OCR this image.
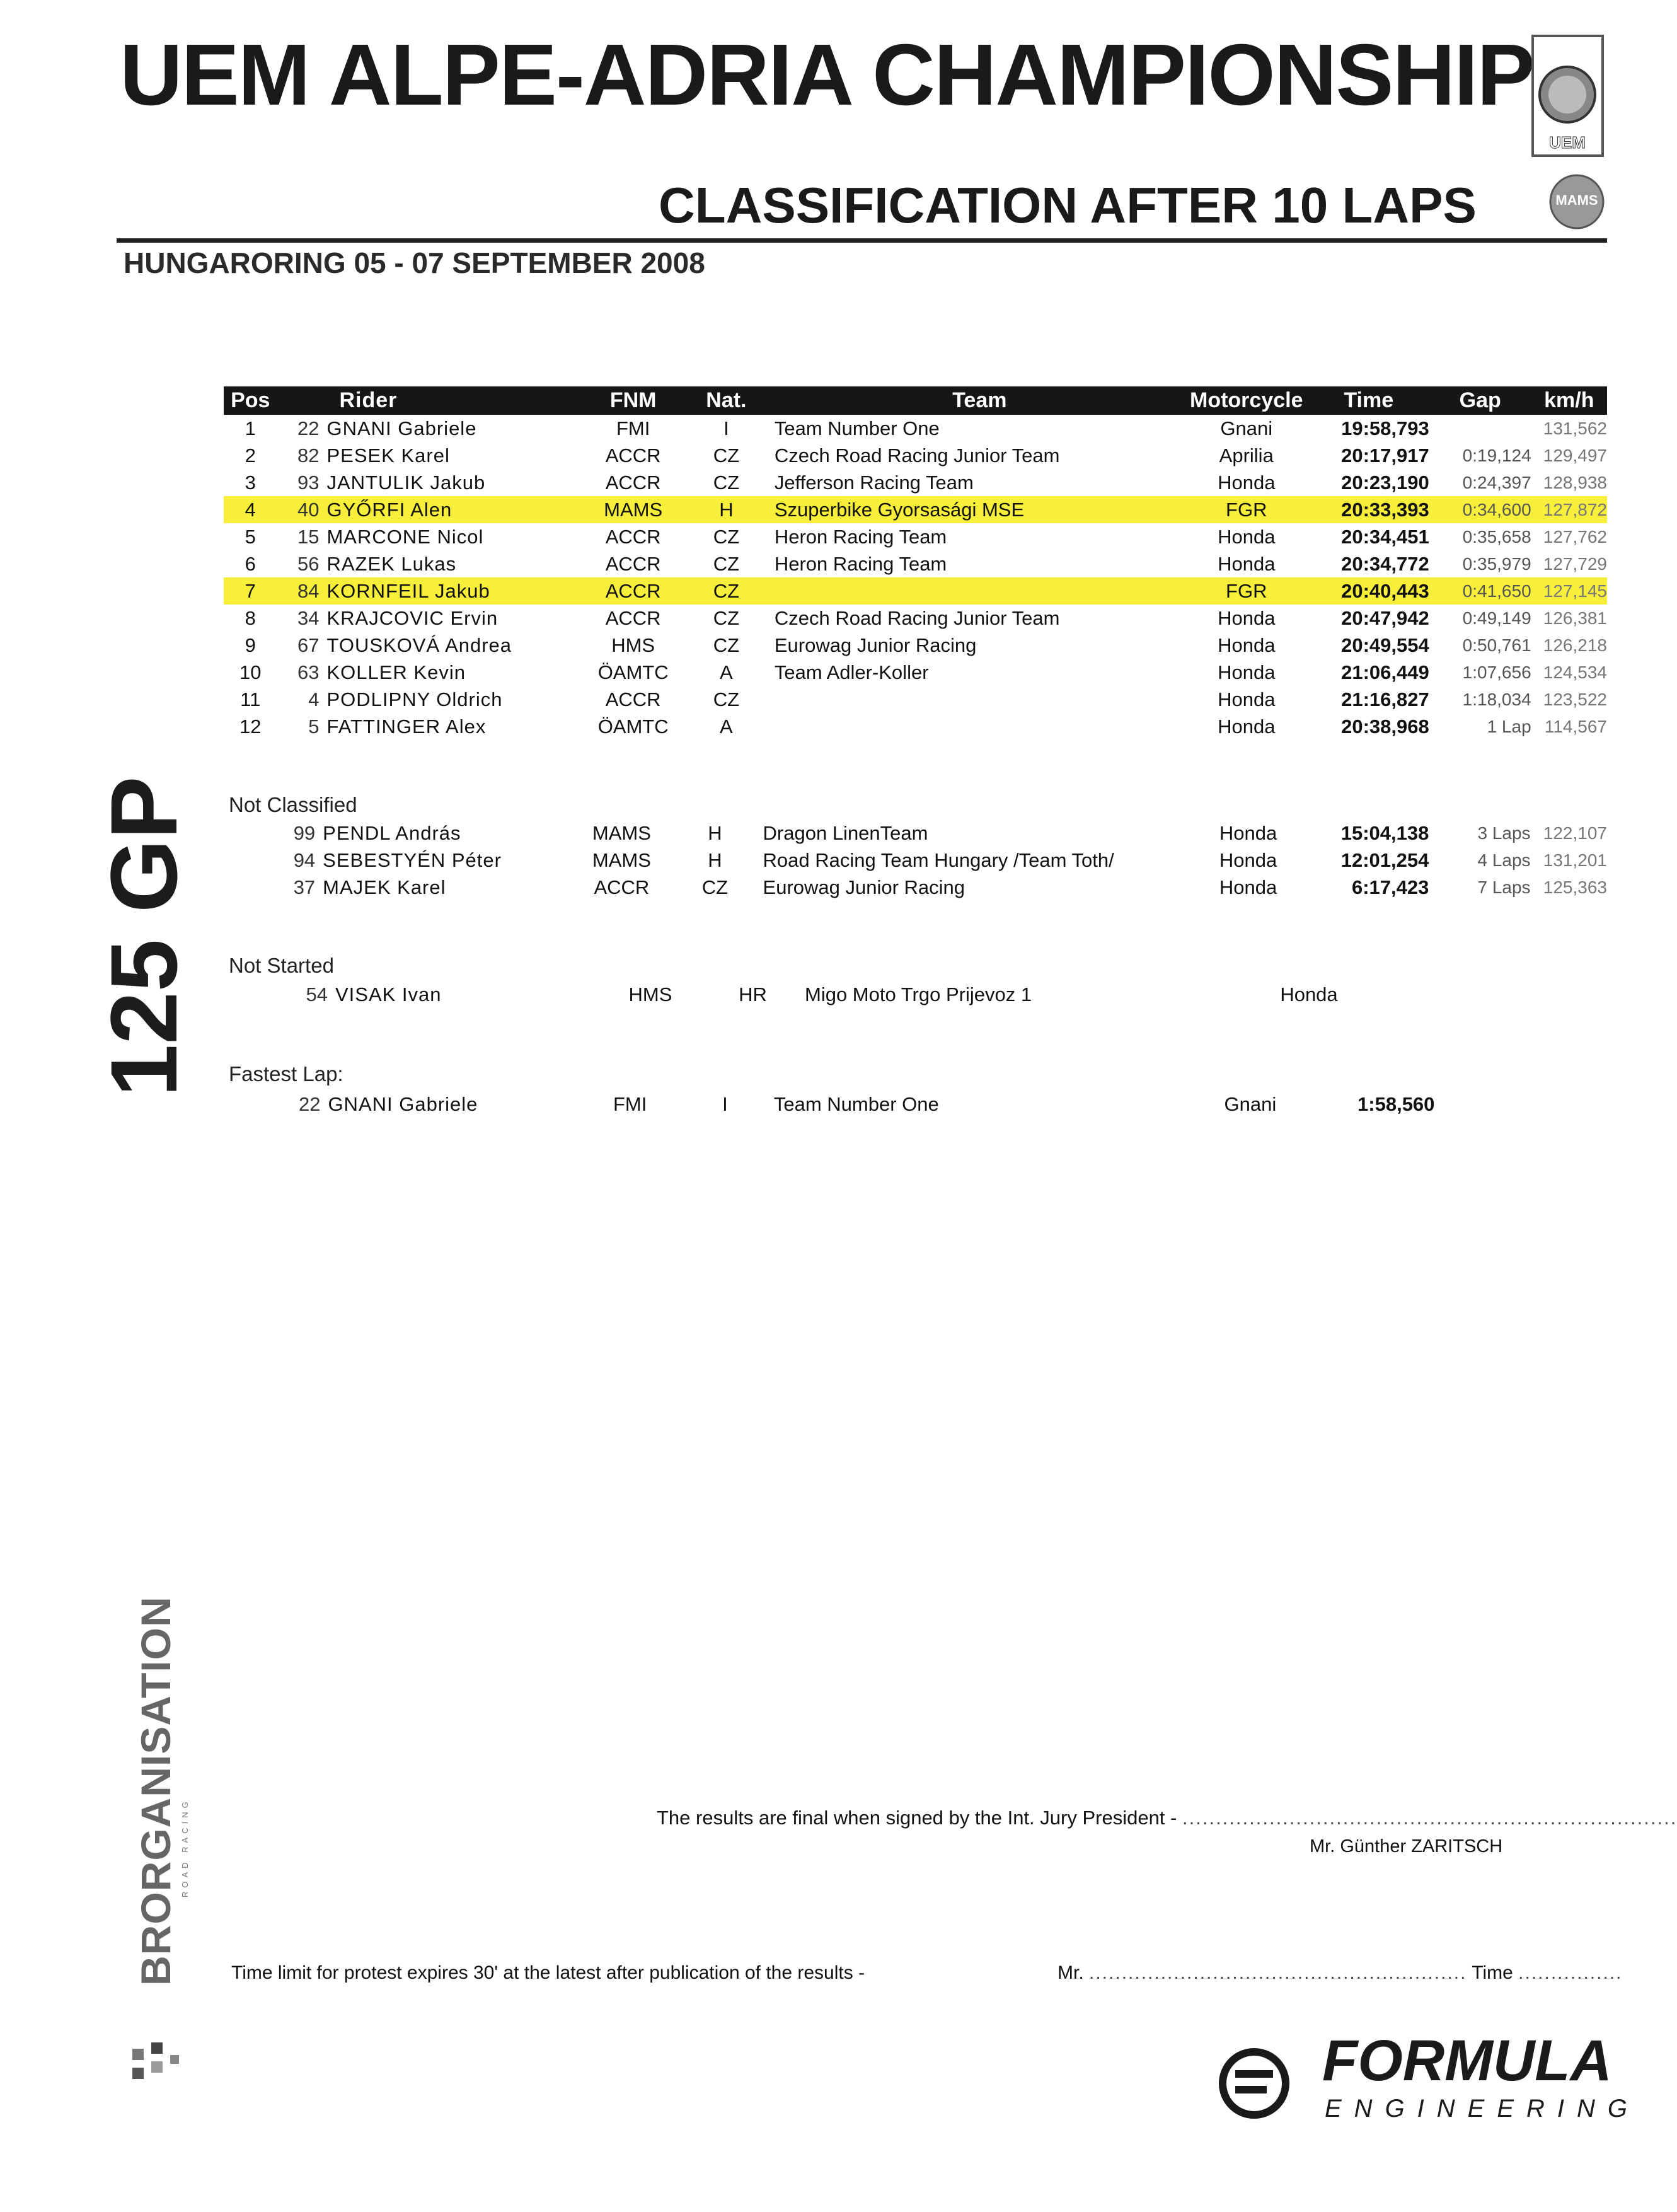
UEM ALPE-ADRIA CHAMPIONSHIP
UEM
MAMS
CLASSIFICATION AFTER 10 LAPS
HUNGARORING 05 - 07 SEPTEMBER 2008
125 GP
Pos		Rider	FNM	Nat.	Team	Motorcycle	Time	Gap	km/h
1	22	GNANI Gabriele	FMI	I	Team Number One	Gnani	19:58,793		131,562
2	82	PESEK Karel	ACCR	CZ	Czech Road Racing Junior Team	Aprilia	20:17,917	0:19,124	129,497
3	93	JANTULIK Jakub	ACCR	CZ	Jefferson Racing Team	Honda	20:23,190	0:24,397	128,938
4	40	GYŐRFI Alen	MAMS	H	Szuperbike Gyorsasági MSE	FGR	20:33,393	0:34,600	127,872
5	15	MARCONE Nicol	ACCR	CZ	Heron Racing Team	Honda	20:34,451	0:35,658	127,762
6	56	RAZEK Lukas	ACCR	CZ	Heron Racing Team	Honda	20:34,772	0:35,979	127,729
7	84	KORNFEIL Jakub	ACCR	CZ		FGR	20:40,443	0:41,650	127,145
8	34	KRAJCOVIC Ervin	ACCR	CZ	Czech Road Racing Junior Team	Honda	20:47,942	0:49,149	126,381
9	67	TOUSKOVÁ Andrea	HMS	CZ	Eurowag Junior Racing	Honda	20:49,554	0:50,761	126,218
10	63	KOLLER Kevin	ÖAMTC	A	Team Adler-Koller	Honda	21:06,449	1:07,656	124,534
11	4	PODLIPNY Oldrich	ACCR	CZ		Honda	21:16,827	1:18,034	123,522
12	5	FATTINGER Alex	ÖAMTC	A		Honda	20:38,968	1 Lap	114,567
Not Classified
	99	PENDL András	MAMS	H	Dragon LinenTeam	Honda	15:04,138	3 Laps	122,107
	94	SEBESTYÉN Péter	MAMS	H	Road Racing Team Hungary /Team Toth/	Honda	12:01,254	4 Laps	131,201
	37	MAJEK Karel	ACCR	CZ	Eurowag Junior Racing	Honda	6:17,423	7 Laps	125,363
Not Started
	54	VISAK Ivan	HMS	HR	Migo Moto Trgo Prijevoz 1	Honda
Fastest Lap:
	22	GNANI Gabriele	FMI	I	Team Number One	Gnani	1:58,560		
The results are final when signed by the Int. Jury President - ..........................................................................
Mr. Günther ZARITSCH
Time limit for protest expires 30' at the latest after publication of the results -	Mr. .......................................................... Time ................
BRORGANISATION ROAD RACING
FORMULA
ENGINEERING
